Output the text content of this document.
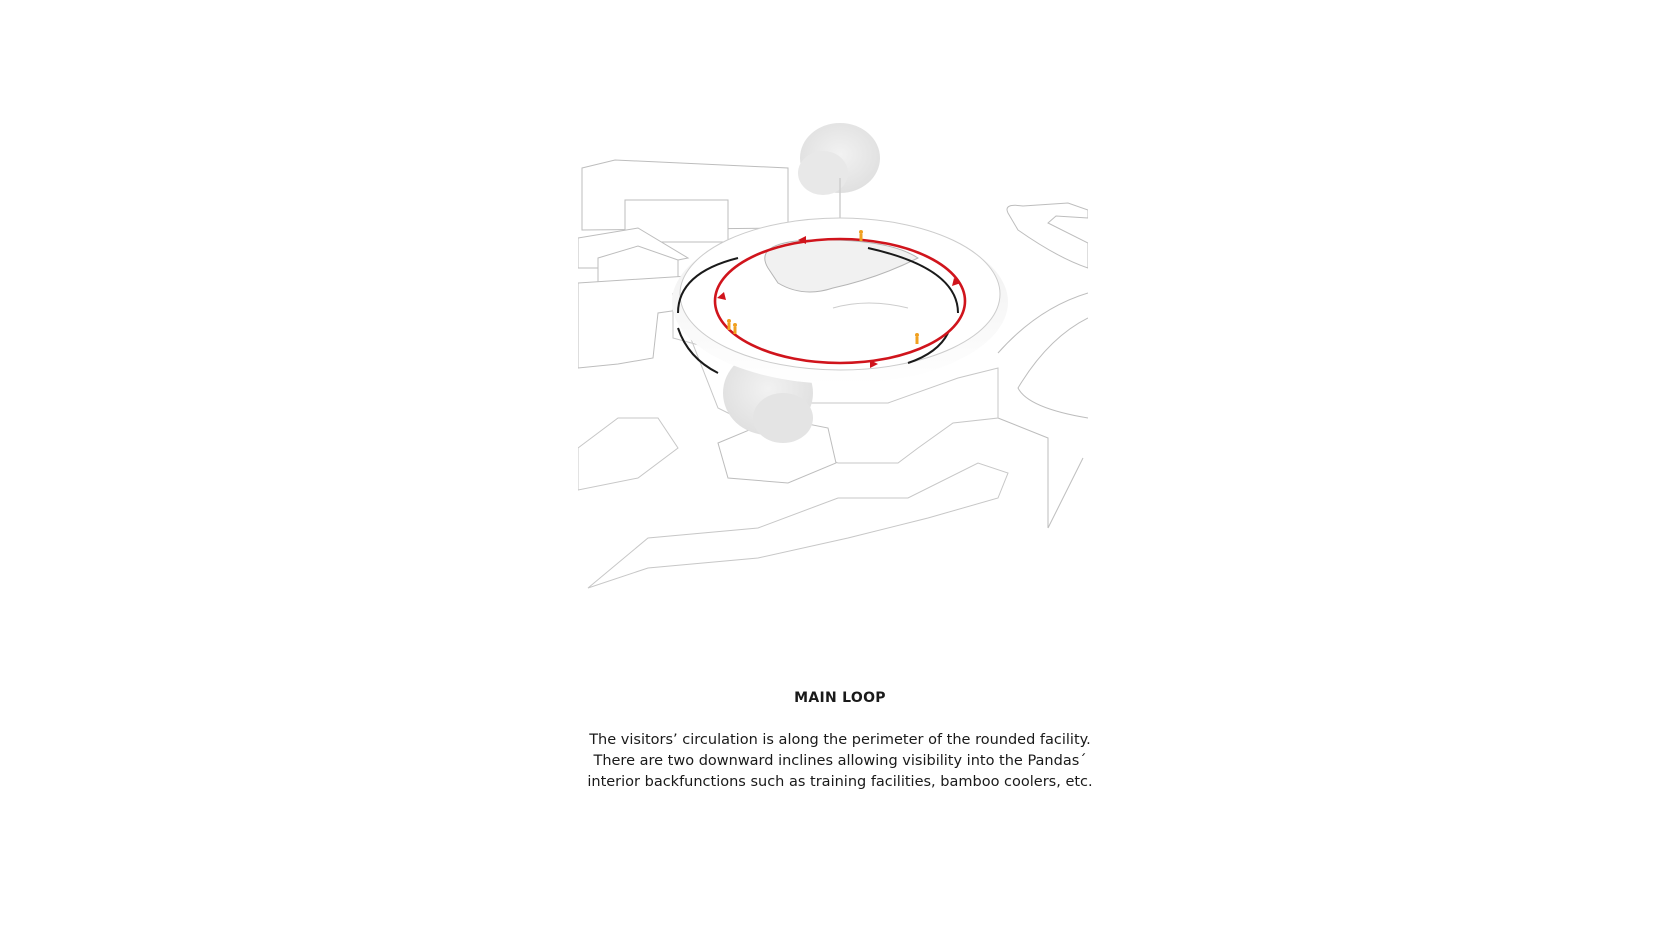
MAIN LOOP

The visitors’ circulation is along the perimeter of the rounded facility.
There are two downward inclines allowing visibility into the Pandas´
interior backfunctions such as training facilities, bamboo coolers, etc.
